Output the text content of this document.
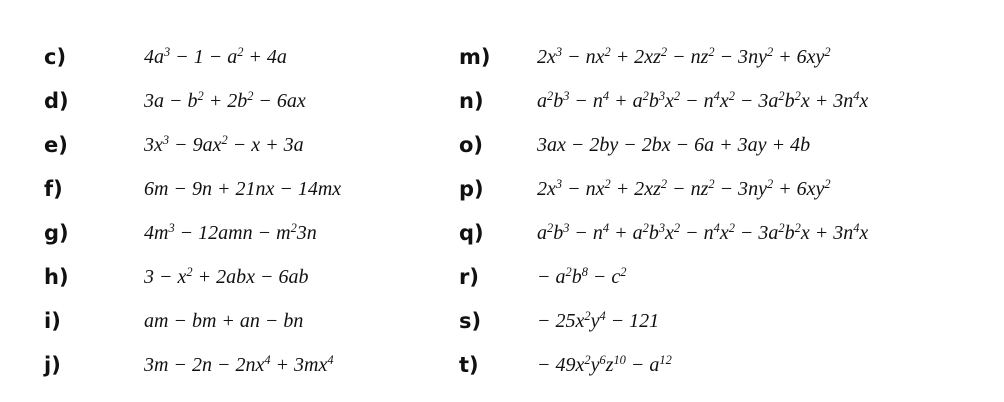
c)	$4a^3 - 1 - a^2 + 4a$	m) $2x^3 - nx^2 + 2xz^2 - nz^2 - 3ny^2 + 6xy^2$
d)	$3a - b^2 + 2b^2 - 6ax$	n)	$a^2b^3 - n^4 + a^2b^3x^2 - n^4x^2 - 3a^2b^2x + 3n^4x$
e)	$3x^3 - 9ax^2 - x + 3a$	o)	3ax − 2by − 2bx − 6a + 3ay + 4b
f)	6m − 9n + 21nx − 14mx	p)	$2x^3 - nx^2 + 2xz^2 - nz^2 - 3ny^2 + 6xy^2$
g)	$4m^3 - 12amn - m^23n$	q)	$a^2b^3 - n^4 + a^2b^3x^2 - n^4x^2 - 3a^2b^2x + 3n^4x$
h)	$3 - x^2 + 2abx - 6ab$	r)	− $a^2b^8 - c^2$
i)	am − bm + an − bn	s)	− $25x^2y^4 - 121$
j)	$3m - 2n - 2nx^4 + 3mx^4$	t)	− $49x^2y^6z^{10} - a^{12}$
